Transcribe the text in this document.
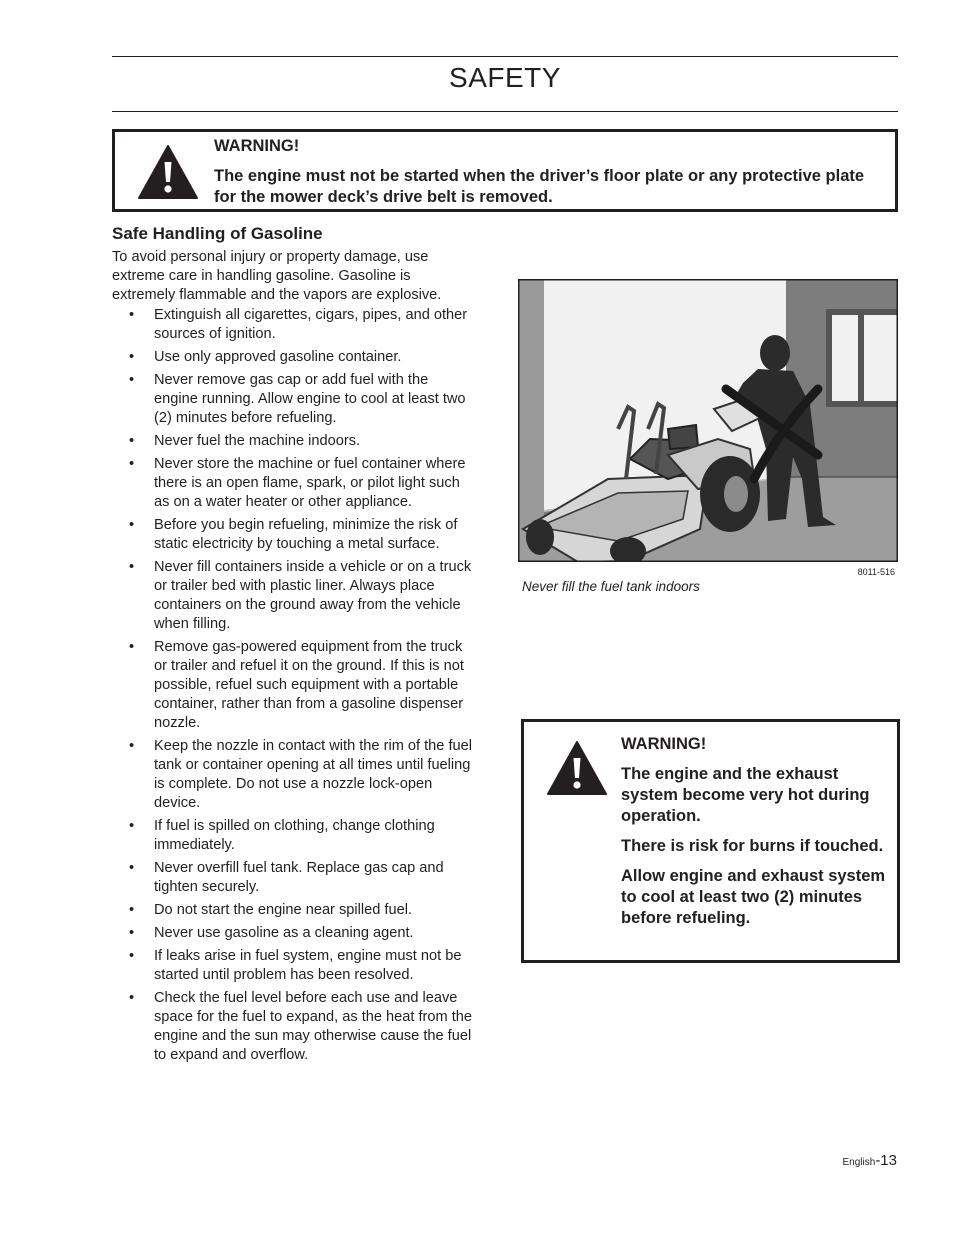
SAFETY

WARNING!

The engine must not be started when the driver’s floor plate or any protective plate for the mower deck’s drive belt is removed.

Safe Handling of Gasoline
To avoid personal injury or property damage, use extreme care in handling gasoline. Gasoline is extremely flammable and the vapors are explosive.
• Extinguish all cigarettes, cigars, pipes, and other sources of ignition.
• Use only approved gasoline container.
• Never remove gas cap or add fuel with the engine running. Allow engine to cool at least two (2) minutes before refueling.
• Never fuel the machine indoors.
• Never store the machine or fuel container where there is an open flame, spark, or pilot light such as on a water heater or other appliance.
• Before you begin refueling, minimize the risk of static electricity by touching a metal surface.
• Never fill containers inside a vehicle or on a truck or trailer bed with plastic liner. Always place containers on the ground away from the vehicle when filling.
• Remove gas-powered equipment from the truck or trailer and refuel it on the ground. If this is not possible, refuel such equipment with a portable container, rather than from a gasoline dispenser nozzle.
• Keep the nozzle in contact with the rim of the fuel tank or container opening at all times until fueling is complete. Do not use a nozzle lock-open device.
• If fuel is spilled on clothing, change clothing immediately.
• Never overfill fuel tank. Replace gas cap and tighten securely.
• Do not start the engine near spilled fuel.
• Never use gasoline as a cleaning agent.
• If leaks arise in fuel system, engine must not be started until problem has been resolved.
• Check the fuel level before each use and leave space for the fuel to expand, as the heat from the engine and the sun may otherwise cause the fuel to expand and overflow.
8011-516
Never fill the fuel tank indoors

WARNING!

The engine and the exhaust system become very hot during operation.

There is risk for burns if touched.

Allow engine and exhaust system to cool at least two (2) minutes before refueling.

English-13
